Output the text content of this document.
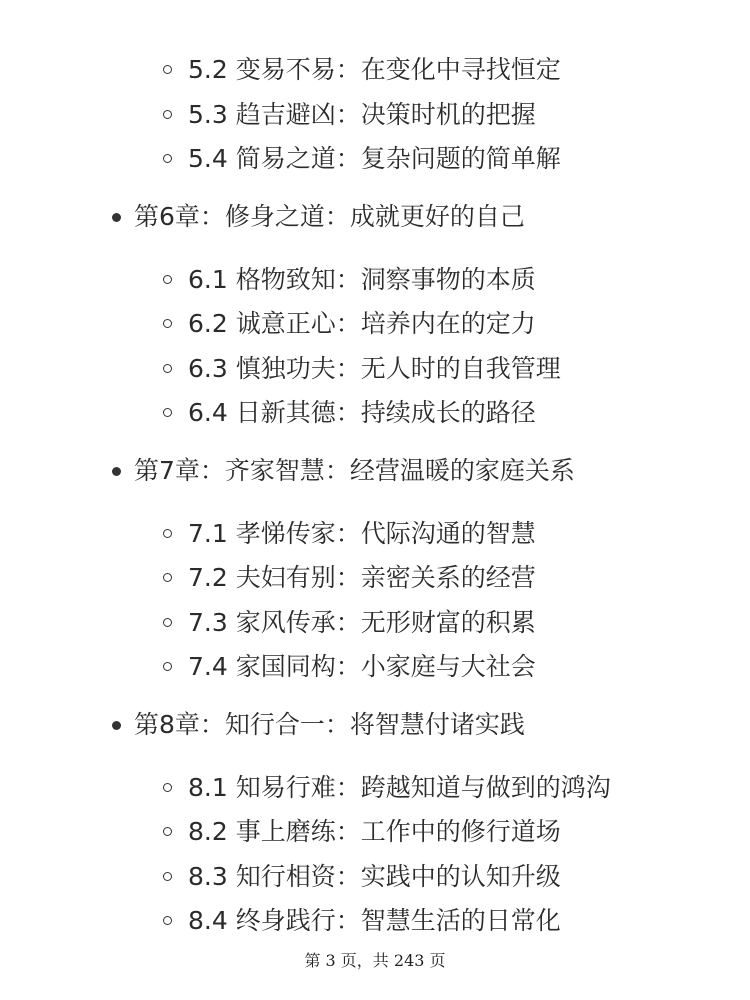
5.2 变易不易：在变化中寻找恒定
5.3 趋吉避凶：决策时机的把握
5.4 简易之道：复杂问题的简单解
第6章：修身之道：成就更好的自己
6.1 格物致知：洞察事物的本质
6.2 诚意正心：培养内在的定力
6.3 慎独功夫：无人时的自我管理
6.4 日新其德：持续成长的路径
第7章：齐家智慧：经营温暖的家庭关系
7.1 孝悌传家：代际沟通的智慧
7.2 夫妇有别：亲密关系的经营
7.3 家风传承：无形财富的积累
7.4 家国同构：小家庭与大社会
第8章：知行合一：将智慧付诸实践
8.1 知易行难：跨越知道与做到的鸿沟
8.2 事上磨练：工作中的修行道场
8.3 知行相资：实践中的认知升级
8.4 终身践行：智慧生活的日常化
第 3 页，共 243 页
